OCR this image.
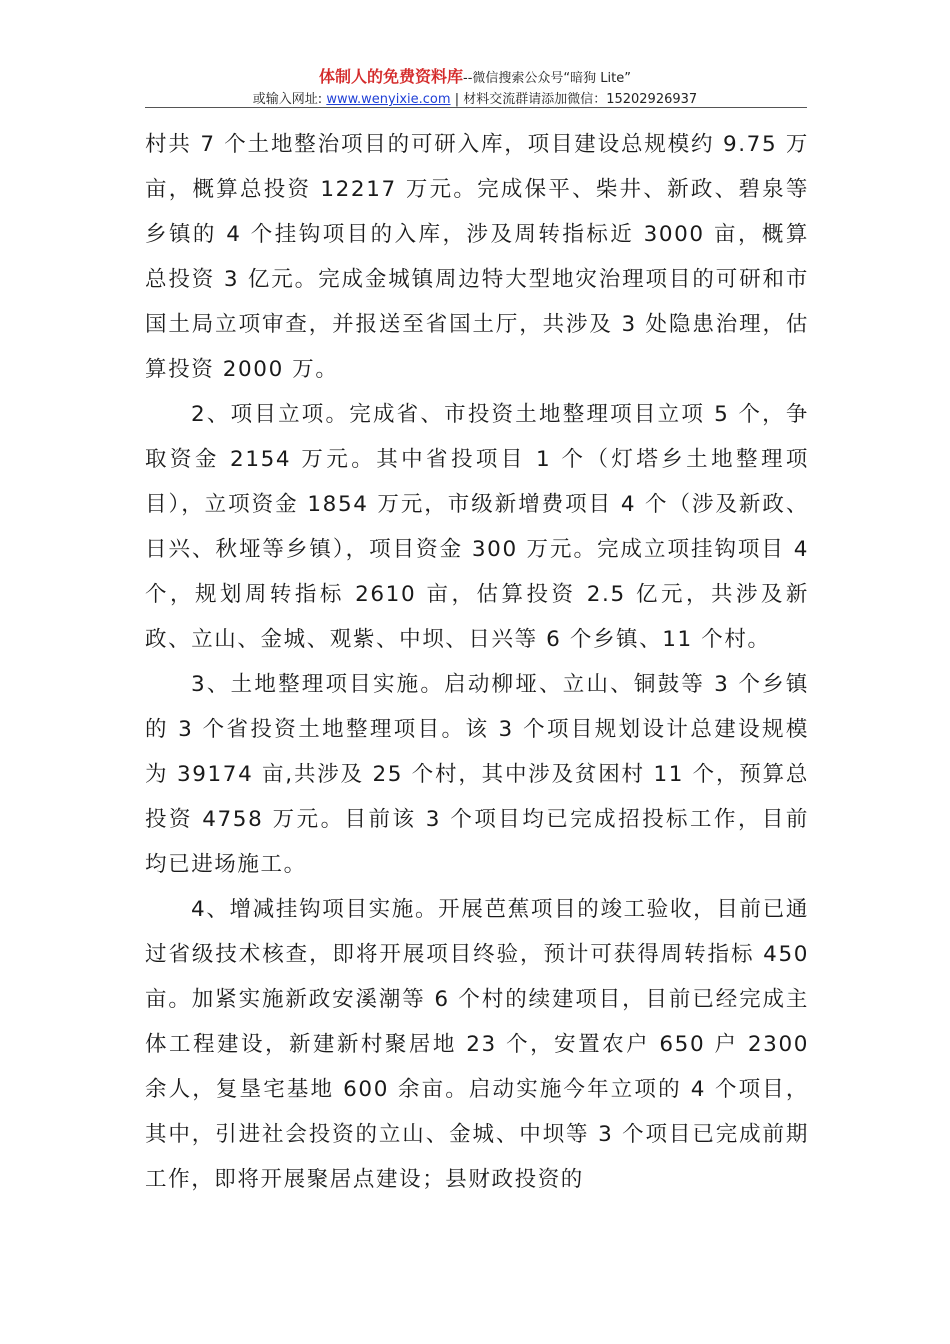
体制人的免费资料库--微信搜索公众号“暗狗 Lite”
或输入网址: www.wenyixie.com | 材料交流群请添加微信：15202926937

村共 7 个土地整治项目的可研入库，项目建设总规模约 9.75 万亩，概算总投资 12217 万元。完成保平、柴井、新政、碧泉等乡镇的 4 个挂钩项目的入库，涉及周转指标近 3000 亩，概算总投资 3 亿元。完成金城镇周边特大型地灾治理项目的可研和市国土局立项审查，并报送至省国土厅，共涉及 3 处隐患治理，估算投资 2000 万。

2、项目立项。完成省、市投资土地整理项目立项 5 个，争取资金 2154 万元。其中省投项目 1 个（灯塔乡土地整理项目），立项资金 1854 万元，市级新增费项目 4 个（涉及新政、日兴、秋垭等乡镇），项目资金 300 万元。完成立项挂钩项目 4 个，规划周转指标 2610 亩，估算投资 2.5 亿元，共涉及新政、立山、金城、观紫、中坝、日兴等 6 个乡镇、11 个村。

3、土地整理项目实施。启动柳垭、立山、铜鼓等 3 个乡镇的 3 个省投资土地整理项目。该 3 个项目规划设计总建设规模为 39174 亩,共涉及 25 个村，其中涉及贫困村 11 个，预算总投资 4758 万元。目前该 3 个项目均已完成招投标工作，目前均已进场施工。

4、增减挂钩项目实施。开展芭蕉项目的竣工验收，目前已通过省级技术核查，即将开展项目终验，预计可获得周转指标 450 亩。加紧实施新政安溪潮等 6 个村的续建项目，目前已经完成主体工程建设，新建新村聚居地 23 个，安置农户 650 户 2300 余人，复垦宅基地 600 余亩。启动实施今年立项的 4 个项目，其中，引进社会投资的立山、金城、中坝等 3 个项目已完成前期工作，即将开展聚居点建设；县财政投资的
